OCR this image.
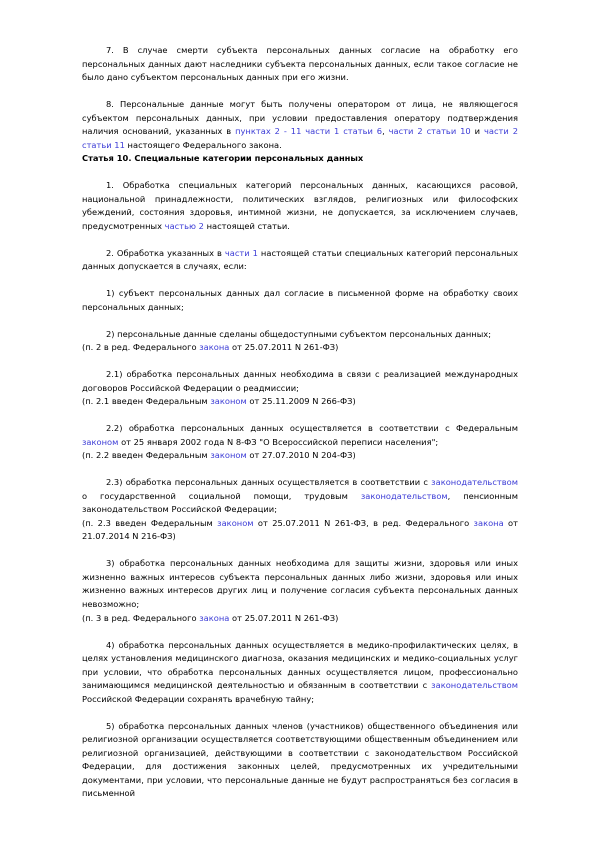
7. В случае смерти субъекта персональных данных согласие на обработку его персональных данных дают наследники субъекта персональных данных, если такое согласие не было дано субъектом персональных данных при его жизни.

8. Персональные данные могут быть получены оператором от лица, не являющегося субъектом персональных данных, при условии предоставления оператору подтверждения наличия оснований, указанных в пунктах 2 - 11 части 1 статьи 6, части 2 статьи 10 и части 2 статьи 11 настоящего Федерального закона.

Статья 10. Специальные категории персональных данных

1. Обработка специальных категорий персональных данных, касающихся расовой, национальной принадлежности, политических взглядов, религиозных или философских убеждений, состояния здоровья, интимной жизни, не допускается, за исключением случаев, предусмотренных частью 2 настоящей статьи.

2. Обработка указанных в части 1 настоящей статьи специальных категорий персональных данных допускается в случаях, если:

1) субъект персональных данных дал согласие в письменной форме на обработку своих персональных данных;

2) персональные данные сделаны общедоступными субъектом персональных данных;

(п. 2 в ред. Федерального закона от 25.07.2011 N 261-ФЗ)

2.1) обработка персональных данных необходима в связи с реализацией международных договоров Российской Федерации о реадмиссии;

(п. 2.1 введен Федеральным законом от 25.11.2009 N 266-ФЗ)

2.2) обработка персональных данных осуществляется в соответствии с Федеральным законом от 25 января 2002 года N 8-ФЗ "О Всероссийской переписи населения";

(п. 2.2 введен Федеральным законом от 27.07.2010 N 204-ФЗ)

2.3) обработка персональных данных осуществляется в соответствии с законодательством о государственной социальной помощи, трудовым законодательством, пенсионным законодательством Российской Федерации;

(п. 2.3 введен Федеральным законом от 25.07.2011 N 261-ФЗ, в ред. Федерального закона от 21.07.2014 N 216-ФЗ)

3) обработка персональных данных необходима для защиты жизни, здоровья или иных жизненно важных интересов субъекта персональных данных либо жизни, здоровья или иных жизненно важных интересов других лиц и получение согласия субъекта персональных данных невозможно;

(п. 3 в ред. Федерального закона от 25.07.2011 N 261-ФЗ)

4) обработка персональных данных осуществляется в медико-профилактических целях, в целях установления медицинского диагноза, оказания медицинских и медико-социальных услуг при условии, что обработка персональных данных осуществляется лицом, профессионально занимающимся медицинской деятельностью и обязанным в соответствии с законодательством Российской Федерации сохранять врачебную тайну;

5) обработка персональных данных членов (участников) общественного объединения или религиозной организации осуществляется соответствующими общественным объединением или религиозной организацией, действующими в соответствии с законодательством Российской Федерации, для достижения законных целей, предусмотренных их учредительными документами, при условии, что персональные данные не будут распространяться без согласия в письменной
